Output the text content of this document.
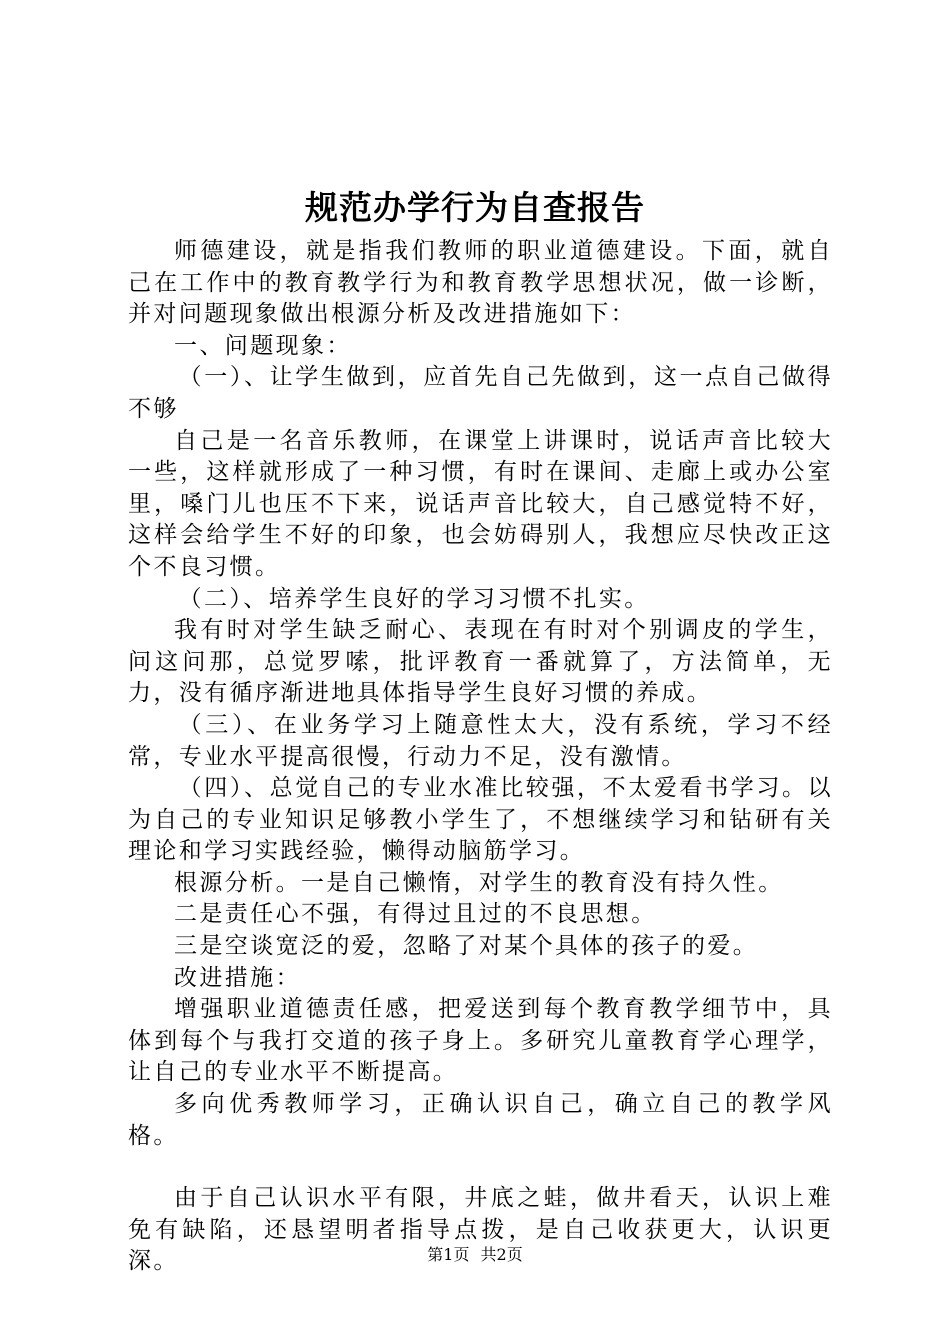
规范办学行为自查报告

师德建设，就是指我们教师的职业道德建设。下面，就自己在工作中的教育教学行为和教育教学思想状况，做一诊断，并对问题现象做出根源分析及改进措施如下：

一、问题现象：

（一）、让学生做到，应首先自己先做到，这一点自己做得不够

自己是一名音乐教师，在课堂上讲课时，说话声音比较大一些，这样就形成了一种习惯，有时在课间、走廊上或办公室里，嗓门儿也压不下来，说话声音比较大，自己感觉特不好，这样会给学生不好的印象，也会妨碍别人，我想应尽快改正这个不良习惯。

（二）、培养学生良好的学习习惯不扎实。

我有时对学生缺乏耐心、表现在有时对个别调皮的学生，问这问那，总觉罗嗦，批评教育一番就算了，方法简单，无力，没有循序渐进地具体指导学生良好习惯的养成。

（三）、在业务学习上随意性太大，没有系统，学习不经常，专业水平提高很慢，行动力不足，没有激情。

（四）、总觉自己的专业水准比较强，不太爱看书学习。以为自己的专业知识足够教小学生了，不想继续学习和钻研有关理论和学习实践经验，懒得动脑筋学习。

根源分析。一是自己懒惰，对学生的教育没有持久性。

二是责任心不强，有得过且过的不良思想。

三是空谈宽泛的爱，忽略了对某个具体的孩子的爱。

改进措施：

增强职业道德责任感，把爱送到每个教育教学细节中，具体到每个与我打交道的孩子身上。多研究儿童教育学心理学，让自己的专业水平不断提高。

多向优秀教师学习，正确认识自己，确立自己的教学风格。

由于自己认识水平有限，井底之蛙，做井看天，认识上难免有缺陷，还恳望明者指导点拨，是自己收获更大，认识更深。	第1页 共2页
